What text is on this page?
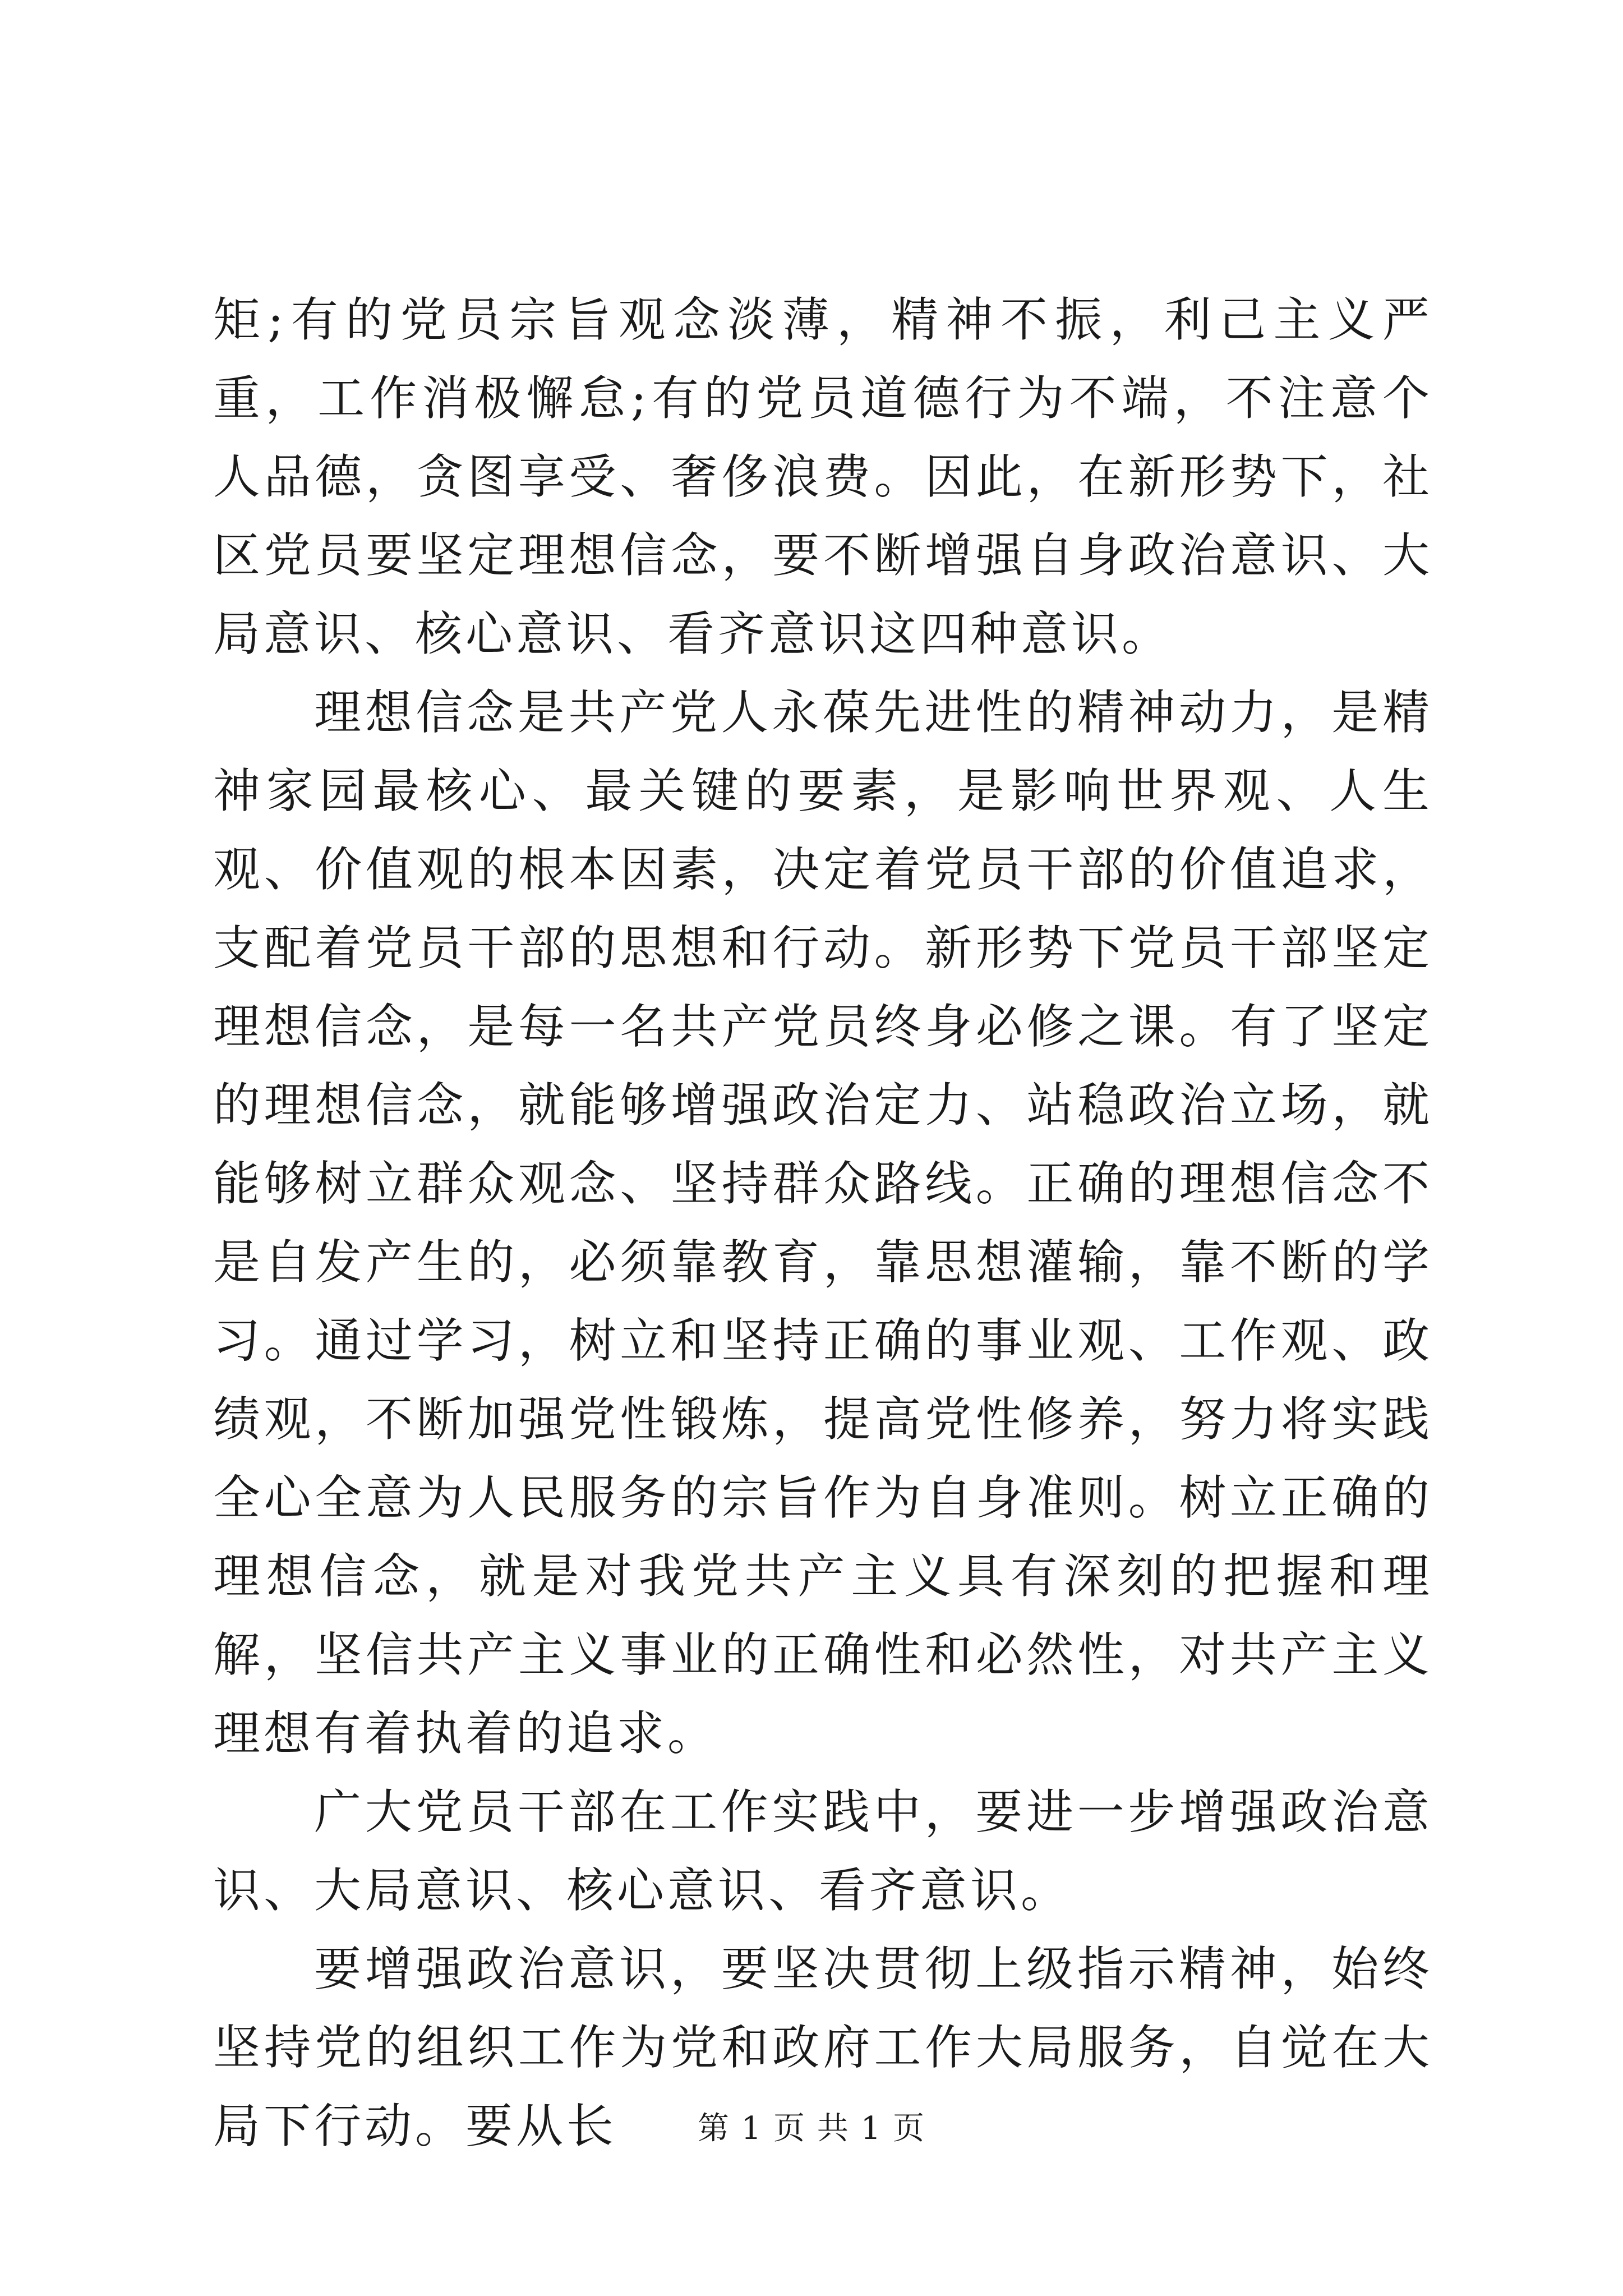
矩;有的党员宗旨观念淡薄，精神不振，利己主义严重，工作消极懈怠;有的党员道德行为不端，不注意个人品德，贪图享受、奢侈浪费。因此，在新形势下，社区党员要坚定理想信念，要不断增强自身政治意识、大局意识、核心意识、看齐意识这四种意识。

理想信念是共产党人永葆先进性的精神动力，是精神家园最核心、最关键的要素，是影响世界观、人生观、价值观的根本因素，决定着党员干部的价值追求，支配着党员干部的思想和行动。新形势下党员干部坚定理想信念，是每一名共产党员终身必修之课。有了坚定的理想信念，就能够增强政治定力、站稳政治立场，就能够树立群众观念、坚持群众路线。正确的理想信念不是自发产生的，必须靠教育，靠思想灌输，靠不断的学习。通过学习，树立和坚持正确的事业观、工作观、政绩观，不断加强党性锻炼，提高党性修养，努力将实践全心全意为人民服务的宗旨作为自身准则。树立正确的理想信念，就是对我党共产主义具有深刻的把握和理解，坚信共产主义事业的正确性和必然性，对共产主义理想有着执着的追求。

广大党员干部在工作实践中，要进一步增强政治意识、大局意识、核心意识、看齐意识。

要增强政治意识，要坚决贯彻上级指示精神，始终坚持党的组织工作为党和政府工作大局服务，自觉在大局下行动。要从长	第 1 页 共 1 页
